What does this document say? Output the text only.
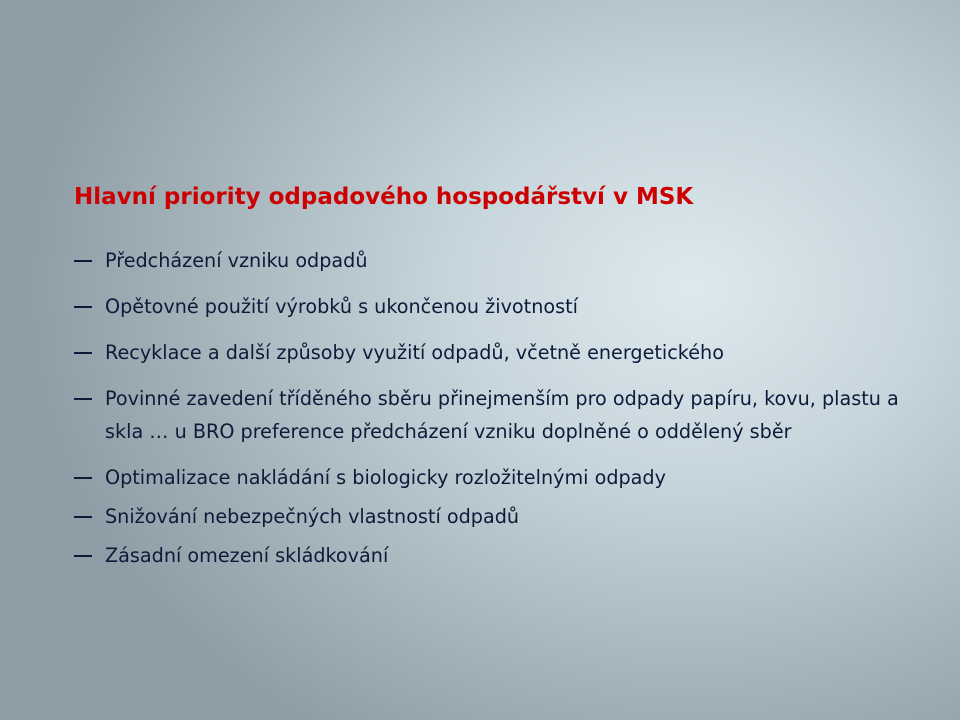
Hlavní priority odpadového hospodářství v MSK
Předcházení vzniku odpadů
Opětovné použití výrobků s ukončenou životností
Recyklace a další způsoby využití odpadů, včetně energetického
Povinné zavedení tříděného sběru přinejmenším pro odpady papíru, kovu, plastu a skla … u BRO preference předcházení vzniku doplněné o oddělený sběr
Optimalizace nakládání s biologicky rozložitelnými odpady
Snižování nebezpečných vlastností odpadů
Zásadní omezení skládkování
